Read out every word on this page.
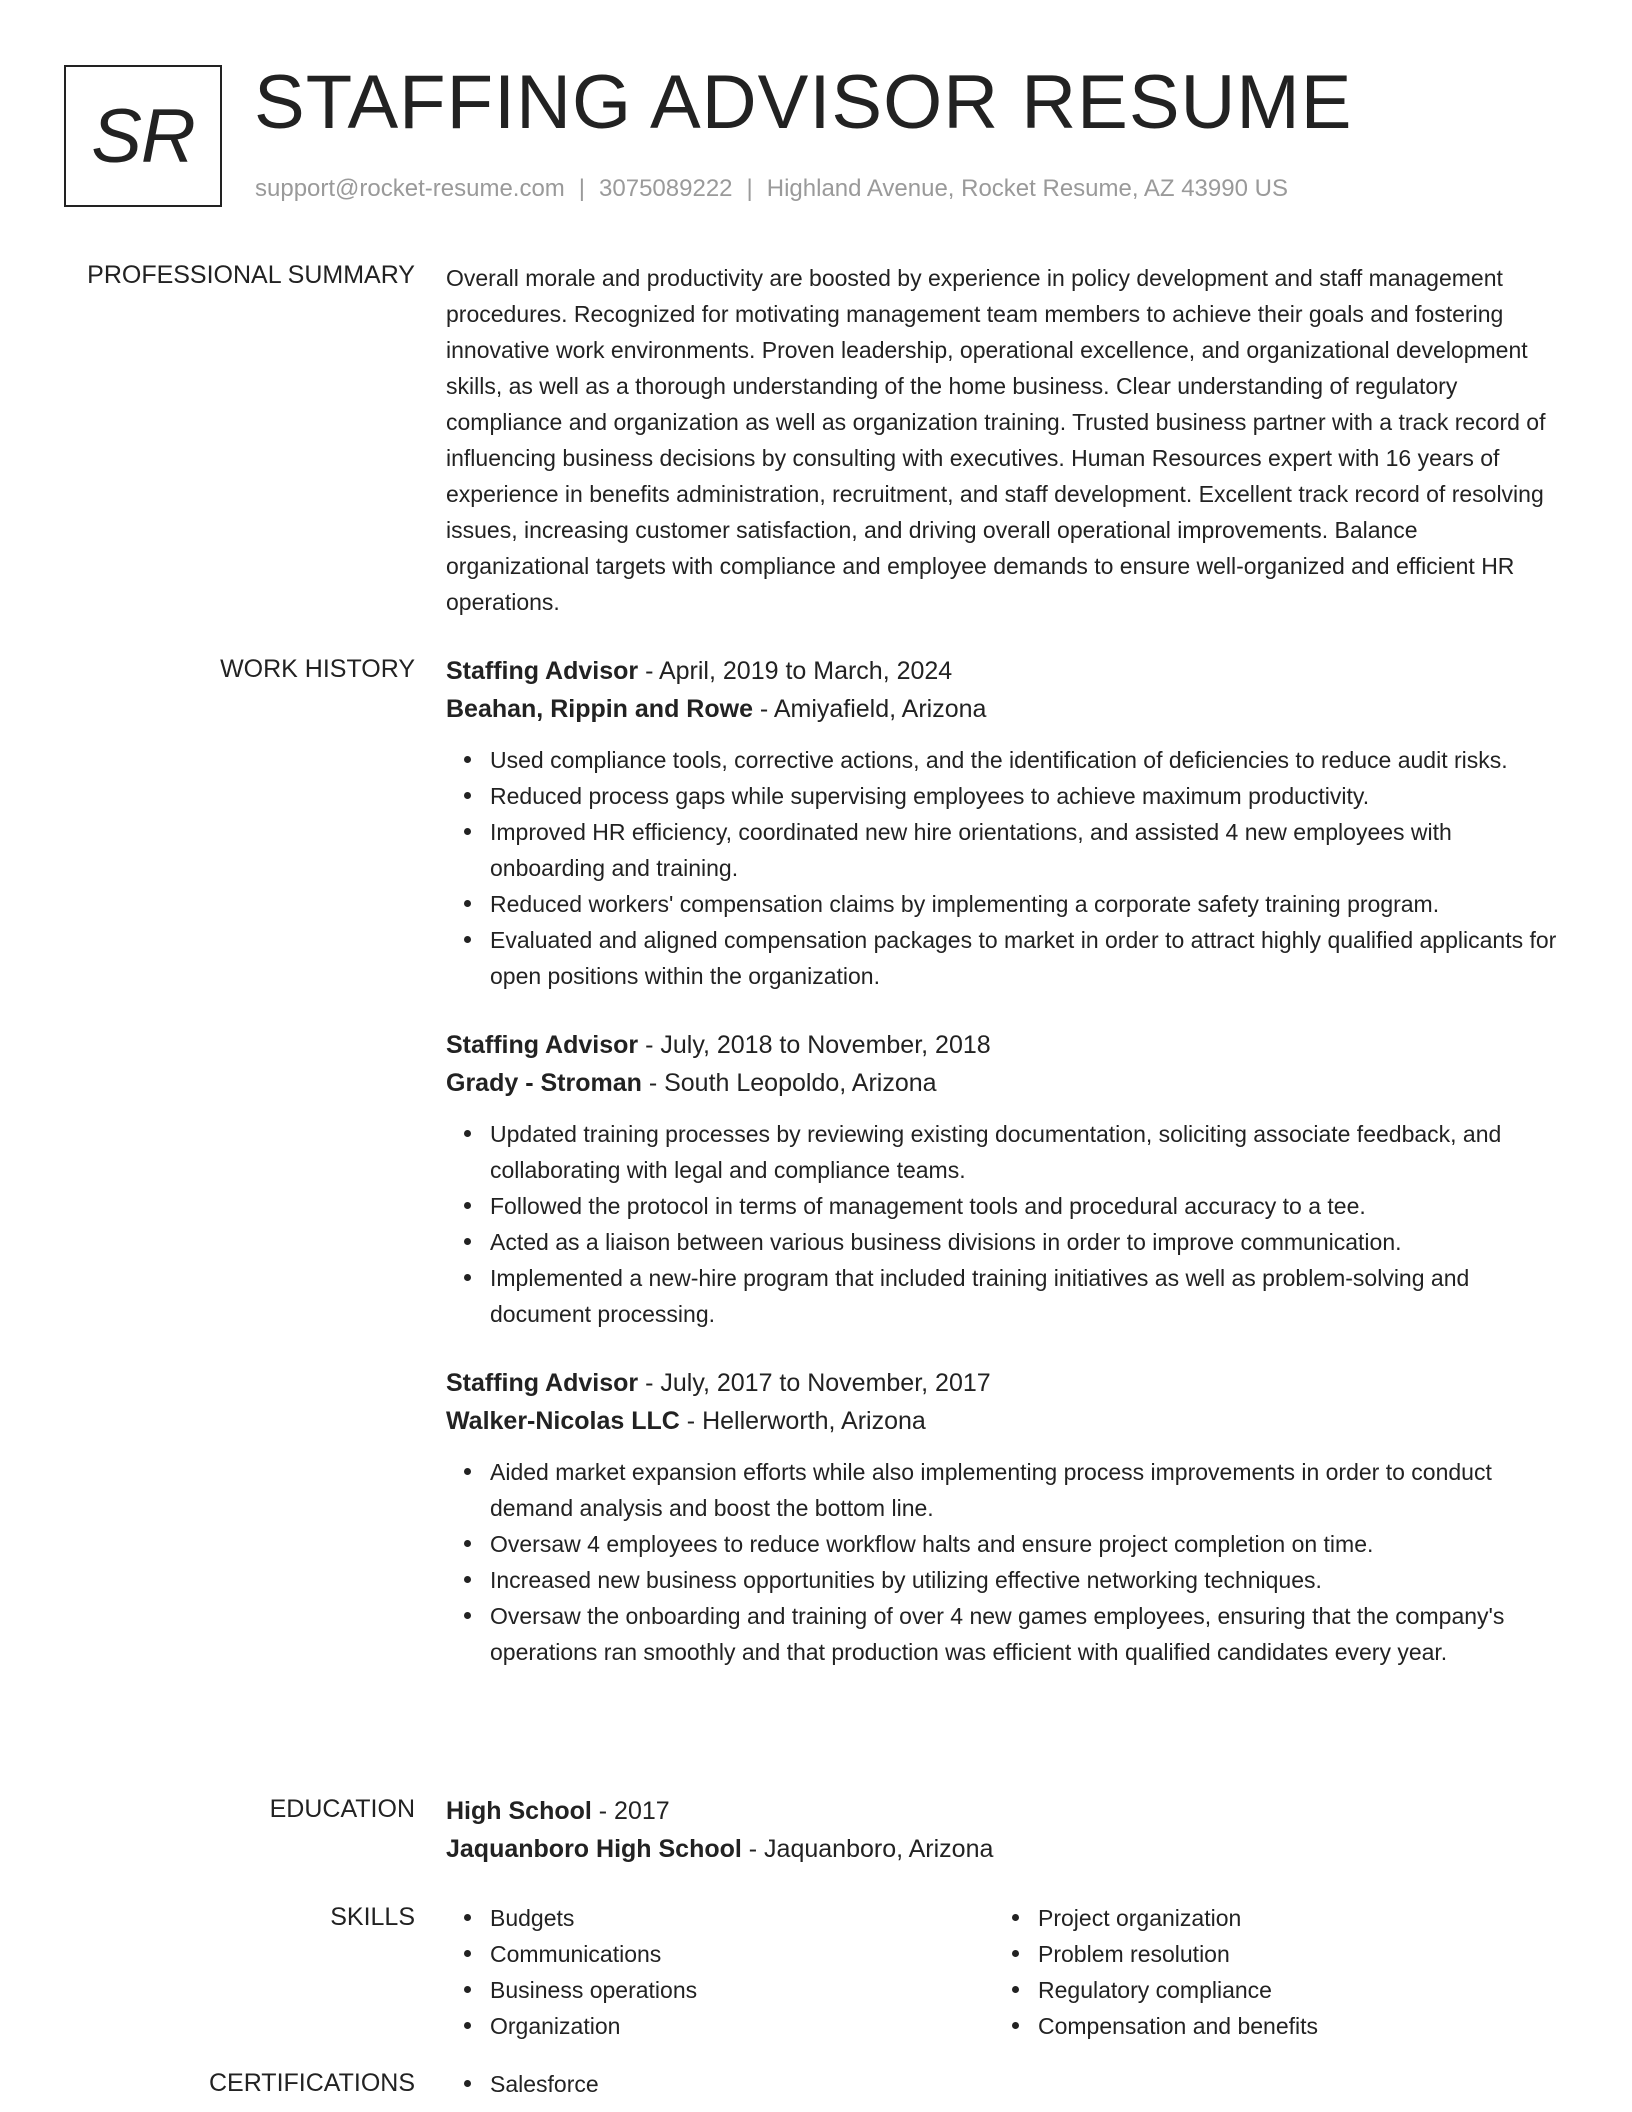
SR STAFFING ADVISOR RESUME
support@rocket-resume.com | 3075089222 | Highland Avenue, Rocket Resume, AZ 43990 US
PROFESSIONAL SUMMARY Overall morale and productivity are boosted by experience in policy development and staff management procedures. Recognized for motivating management team members to achieve their goals and fostering innovative work environments. Proven leadership, operational excellence, and organizational development skills, as well as a thorough understanding of the home business. Clear understanding of regulatory compliance and organization as well as organization training. Trusted business partner with a track record of influencing business decisions by consulting with executives. Human Resources expert with 16 years of experience in benefits administration, recruitment, and staff development. Excellent track record of resolving issues, increasing customer satisfaction, and driving overall operational improvements. Balance organizational targets with compliance and employee demands to ensure well-organized and efficient HR operations.

WORK HISTORY Staffing Advisor - April, 2019 to March, 2024

Beahan, Rippin and Rowe - Amiyafield, Arizona

Used compliance tools, corrective actions, and the identification of deficiencies to reduce audit risks.
Reduced process gaps while supervising employees to achieve maximum productivity.
Improved HR efficiency, coordinated new hire orientations, and assisted 4 new employees with onboarding and training.
Reduced workers' compensation claims by implementing a corporate safety training program.
Evaluated and aligned compensation packages to market in order to attract highly qualified applicants for open positions within the organization.

Staffing Advisor - July, 2018 to November, 2018

Grady - Stroman - South Leopoldo, Arizona

Updated training processes by reviewing existing documentation, soliciting associate feedback, and collaborating with legal and compliance teams.
Followed the protocol in terms of management tools and procedural accuracy to a tee.
Acted as a liaison between various business divisions in order to improve communication.
Implemented a new-hire program that included training initiatives as well as problem-solving and document processing.

Staffing Advisor - July, 2017 to November, 2017

Walker-Nicolas LLC - Hellerworth, Arizona

Aided market expansion efforts while also implementing process improvements in order to conduct demand analysis and boost the bottom line.
Oversaw 4 employees to reduce workflow halts and ensure project completion on time.
Increased new business opportunities by utilizing effective networking techniques.
Oversaw the onboarding and training of over 4 new games employees, ensuring that the company's operations ran smoothly and that production was efficient with qualified candidates every year.
EDUCATION High School - 2017

Jaquanboro High School - Jaquanboro, Arizona

SKILLS	Budgets
Communications
Business operations
Organization
Project organization
Problem resolution
Regulatory compliance
Compensation and benefits
CERTIFICATIONS	Salesforce
